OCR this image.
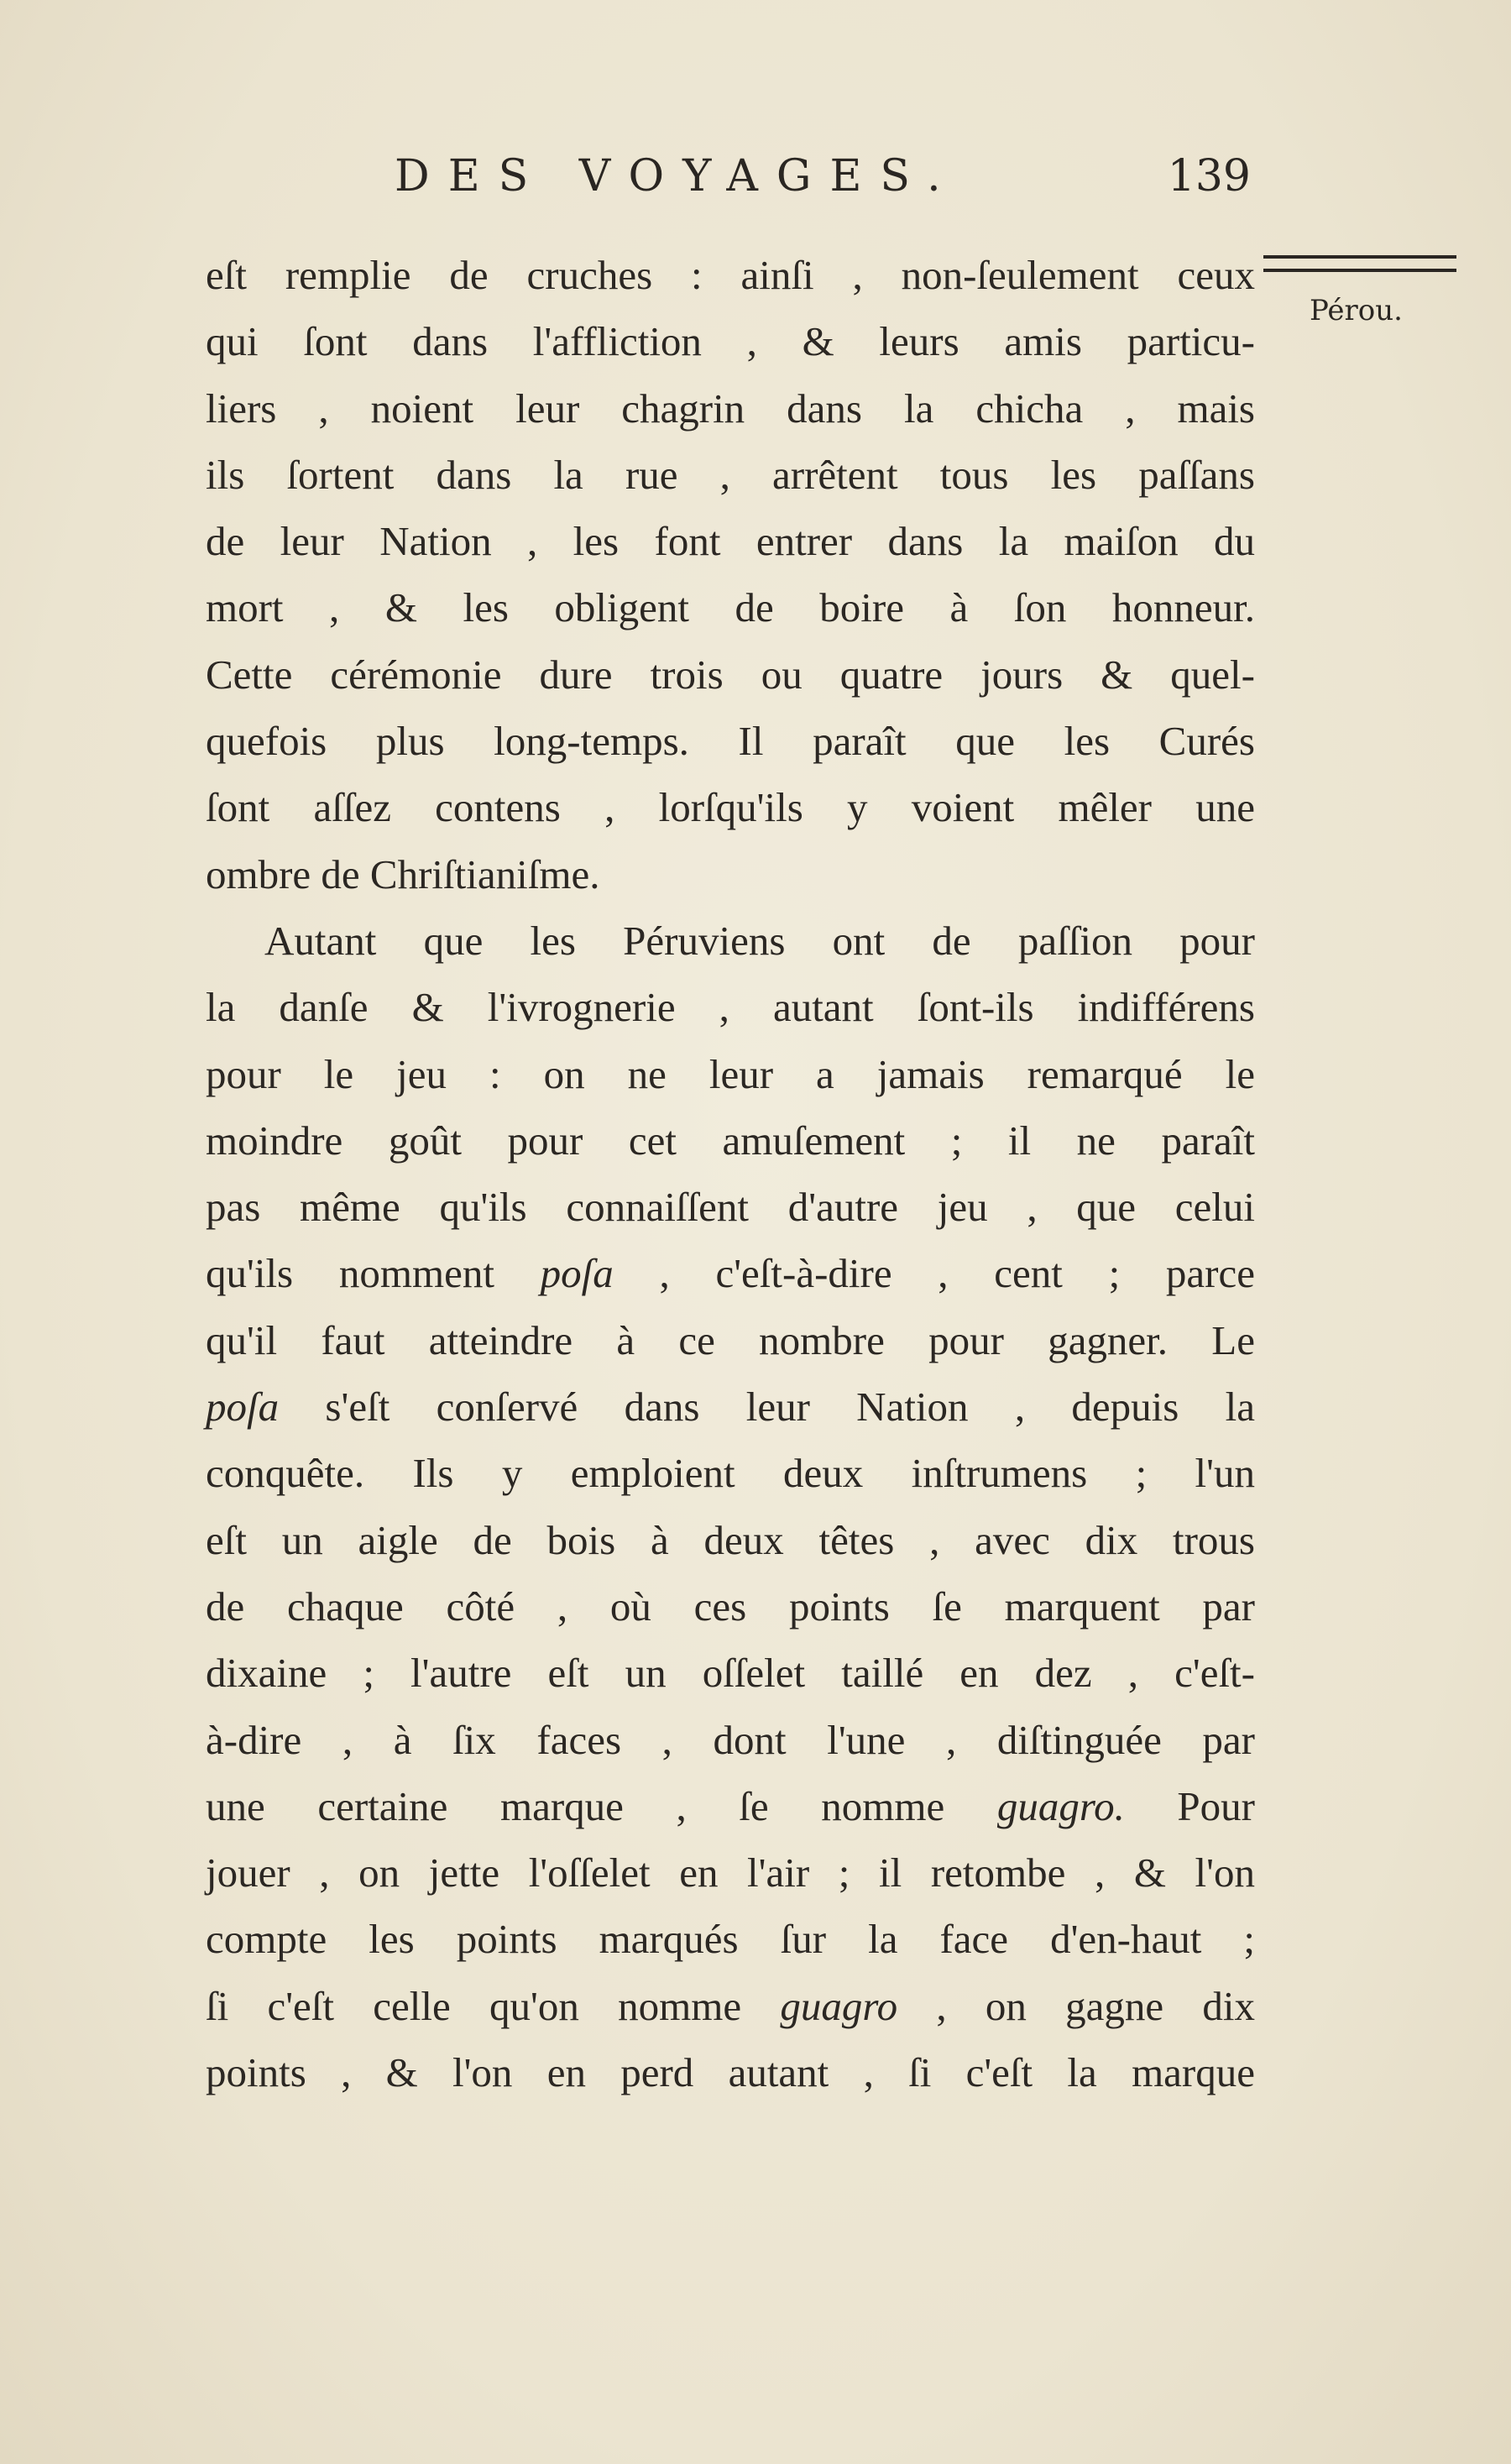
DES VOYAGES.	139
Pérou.
eſt remplie de cruches : ainſi , non-ſeulement ceux
qui ſont dans l'affliction , & leurs amis particu-
liers , noient leur chagrin dans la chicha , mais
ils ſortent dans la rue , arrêtent tous les paſſans
de leur Nation , les font entrer dans la maiſon du
mort , & les obligent de boire à ſon honneur.
Cette cérémonie dure trois ou quatre jours & quel-
quefois plus long-temps. Il paraît que les Curés
ſont aſſez contens , lorſqu'ils y voient mêler une
ombre de Chriſtianiſme.
Autant que les Péruviens ont de paſſion pour
la danſe & l'ivrognerie , autant ſont-ils indifférens
pour le jeu : on ne leur a jamais remarqué le
moindre goût pour cet amuſement ; il ne paraît
pas même qu'ils connaiſſent d'autre jeu , que celui
qu'ils nomment poſa , c'eſt-à-dire , cent ; parce
qu'il faut atteindre à ce nombre pour gagner. Le
poſa s'eſt conſervé dans leur Nation , depuis la
conquête. Ils y emploient deux inſtrumens ; l'un
eſt un aigle de bois à deux têtes , avec dix trous
de chaque côté , où ces points ſe marquent par
dixaine ; l'autre eſt un oſſelet taillé en dez , c'eſt-
à-dire , à ſix faces , dont l'une , diſtinguée par
une certaine marque , ſe nomme guagro. Pour
jouer , on jette l'oſſelet en l'air ; il retombe , & l'on
compte les points marqués ſur la face d'en-haut ;
ſi c'eſt celle qu'on nomme guagro , on gagne dix
points , & l'on en perd autant , ſi c'eſt la marque
